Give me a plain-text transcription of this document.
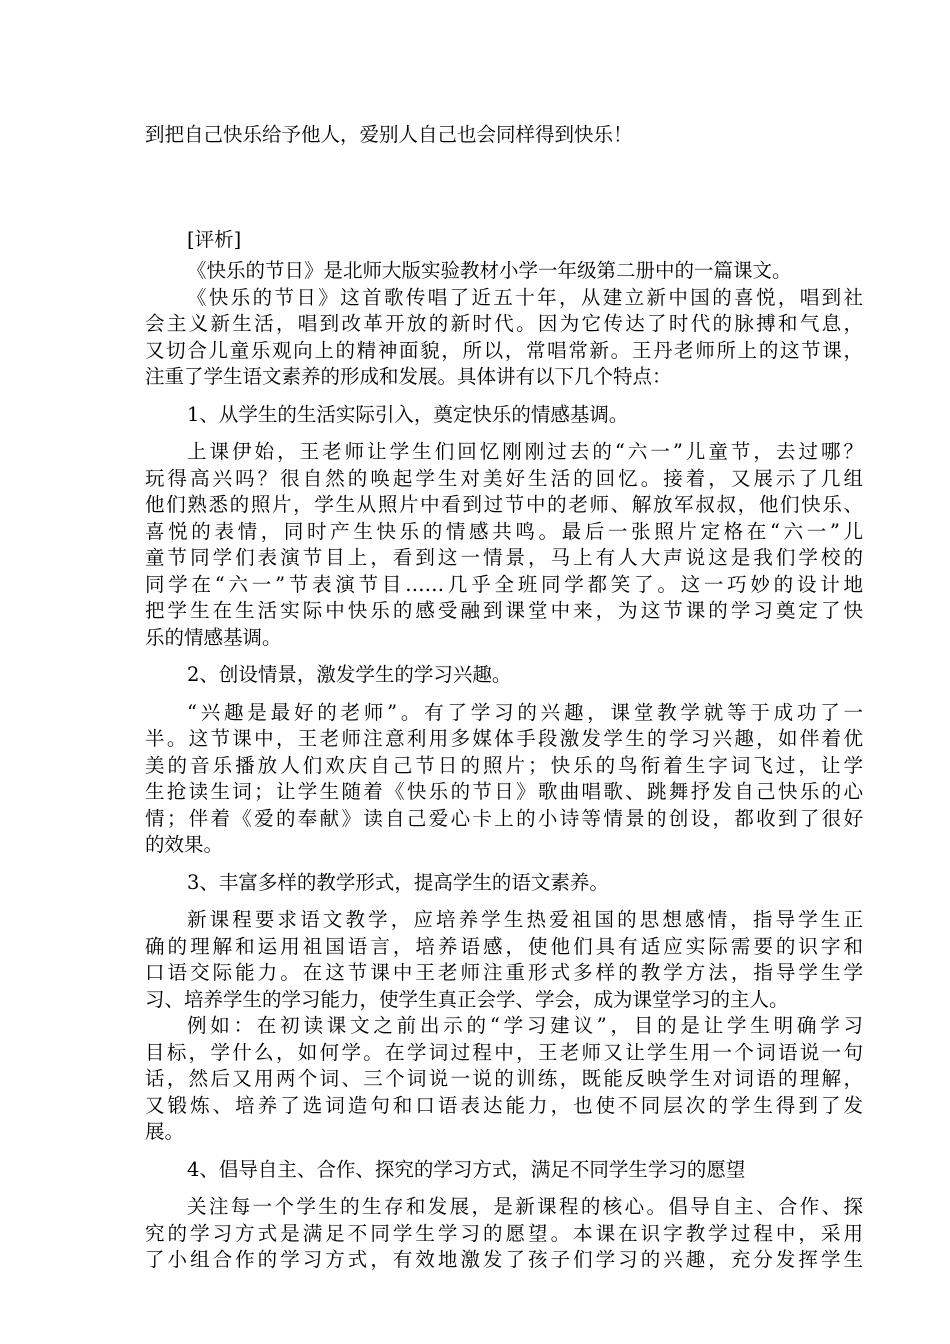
到把自己快乐给予他人，爱别人自己也会同样得到快乐！
[评析]
《快乐的节日》是北师大版实验教材小学一年级第二册中的一篇课文。
《快乐的节日》这首歌传唱了近五十年，从建立新中国的喜悦，唱到社
会主义新生活，唱到改革开放的新时代。因为它传达了时代的脉搏和气息，
又切合儿童乐观向上的精神面貌，所以，常唱常新。王丹老师所上的这节课，
注重了学生语文素养的形成和发展。具体讲有以下几个特点：
1、从学生的生活实际引入，奠定快乐的情感基调。
上课伊始，王老师让学生们回忆刚刚过去的“六一”儿童节，去过哪？
玩得高兴吗？很自然的唤起学生对美好生活的回忆。接着，又展示了几组
他们熟悉的照片，学生从照片中看到过节中的老师、解放军叔叔，他们快乐、
喜悦的表情，同时产生快乐的情感共鸣。最后一张照片定格在“六一”儿
童节同学们表演节目上，看到这一情景，马上有人大声说这是我们学校的
同学在“六一”节表演节目……几乎全班同学都笑了。这一巧妙的设计地
把学生在生活实际中快乐的感受融到课堂中来，为这节课的学习奠定了快
乐的情感基调。
2、创设情景，激发学生的学习兴趣。
“兴趣是最好的老师”。有了学习的兴趣，课堂教学就等于成功了一
半。这节课中，王老师注意利用多媒体手段激发学生的学习兴趣，如伴着优
美的音乐播放人们欢庆自己节日的照片；快乐的鸟衔着生字词飞过，让学
生抢读生词；让学生随着《快乐的节日》歌曲唱歌、跳舞抒发自己快乐的心
情；伴着《爱的奉献》读自己爱心卡上的小诗等情景的创设，都收到了很好
的效果。
3、丰富多样的教学形式，提高学生的语文素养。
新课程要求语文教学，应培养学生热爱祖国的思想感情，指导学生正
确的理解和运用祖国语言，培养语感，使他们具有适应实际需要的识字和
口语交际能力。在这节课中王老师注重形式多样的教学方法，指导学生学
习、培养学生的学习能力，使学生真正会学、学会，成为课堂学习的主人。
例如：在初读课文之前出示的“学习建议”，目的是让学生明确学习
目标，学什么，如何学。在学词过程中，王老师又让学生用一个词语说一句
话，然后又用两个词、三个词说一说的训练，既能反映学生对词语的理解，
又锻炼、培养了选词造句和口语表达能力，也使不同层次的学生得到了发
展。
4、倡导自主、合作、探究的学习方式，满足不同学生学习的愿望
关注每一个学生的生存和发展，是新课程的核心。倡导自主、合作、探
究的学习方式是满足不同学生学习的愿望。本课在识字教学过程中，采用
了小组合作的学习方式，有效地激发了孩子们学习的兴趣，充分发挥学生
